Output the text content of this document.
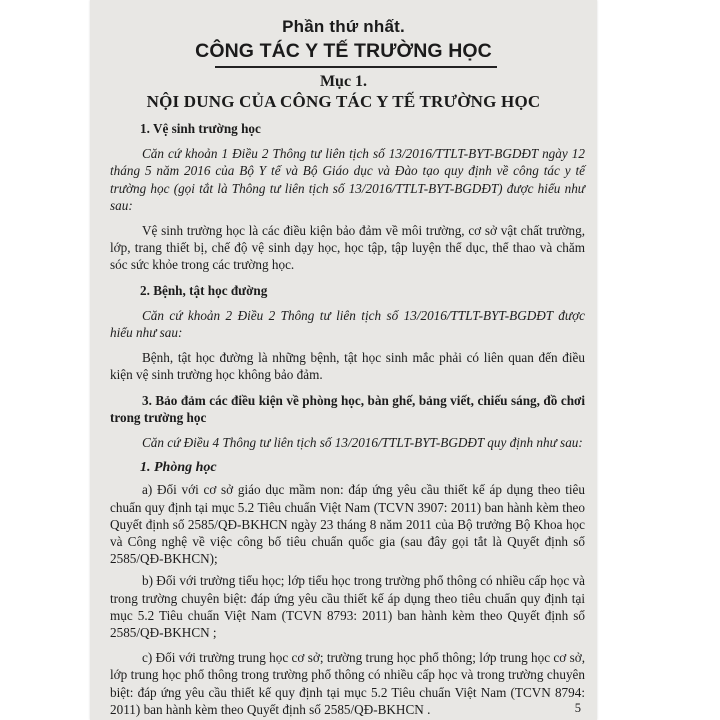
Phần thứ nhất.
CÔNG TÁC Y TẾ TRƯỜNG HỌC
Mục 1.
NỘI DUNG CỦA CÔNG TÁC Y TẾ TRƯỜNG HỌC

1. Vệ sinh trường học

Căn cứ khoản 1 Điều 2 Thông tư liên tịch số 13/2016/TTLT-BYT-BGDĐT ngày 12 tháng 5 năm 2016 của Bộ Y tế và Bộ Giáo dục và Đào tạo quy định về công tác y tế trường học (gọi tắt là Thông tư liên tịch số 13/2016/TTLT-BYT-BGDĐT) được hiểu như sau:

Vệ sinh trường học là các điều kiện bảo đảm về môi trường, cơ sở vật chất trường, lớp, trang thiết bị, chế độ vệ sinh dạy học, học tập, tập luyện thể dục, thể thao và chăm sóc sức khỏe trong các trường học.

2. Bệnh, tật học đường

Căn cứ khoản 2 Điều 2 Thông tư liên tịch số 13/2016/TTLT-BYT-BGDĐT được hiểu như sau:

Bệnh, tật học đường là những bệnh, tật học sinh mắc phải có liên quan đến điều kiện vệ sinh trường học không bảo đảm.

3. Bảo đảm các điều kiện về phòng học, bàn ghế, bảng viết, chiếu sáng, đồ chơi trong trường học

Căn cứ Điều 4 Thông tư liên tịch số 13/2016/TTLT-BYT-BGDĐT quy định như sau:

1. Phòng học

a) Đối với cơ sở giáo dục mầm non: đáp ứng yêu cầu thiết kế áp dụng theo tiêu chuẩn quy định tại mục 5.2 Tiêu chuẩn Việt Nam (TCVN 3907: 2011) ban hành kèm theo Quyết định số 2585/QĐ-BKHCN ngày 23 tháng 8 năm 2011 của Bộ trưởng Bộ Khoa học và Công nghệ về việc công bố tiêu chuẩn quốc gia (sau đây gọi tắt là Quyết định số 2585/QĐ-BKHCN);

b) Đối với trường tiểu học; lớp tiểu học trong trường phổ thông có nhiều cấp học và trong trường chuyên biệt: đáp ứng yêu cầu thiết kế áp dụng theo tiêu chuẩn quy định tại mục 5.2 Tiêu chuẩn Việt Nam (TCVN 8793: 2011) ban hành kèm theo Quyết định số 2585/QĐ-BKHCN ;

c) Đối với trường trung học cơ sở; trường trung học phổ thông; lớp trung học cơ sở, lớp trung học phổ thông trong trường phổ thông có nhiều cấp học và trong trường chuyên biệt: đáp ứng yêu cầu thiết kế quy định tại mục 5.2 Tiêu chuẩn Việt Nam (TCVN 8794: 2011) ban hành kèm theo Quyết định số 2585/QĐ-BKHCN .	5
